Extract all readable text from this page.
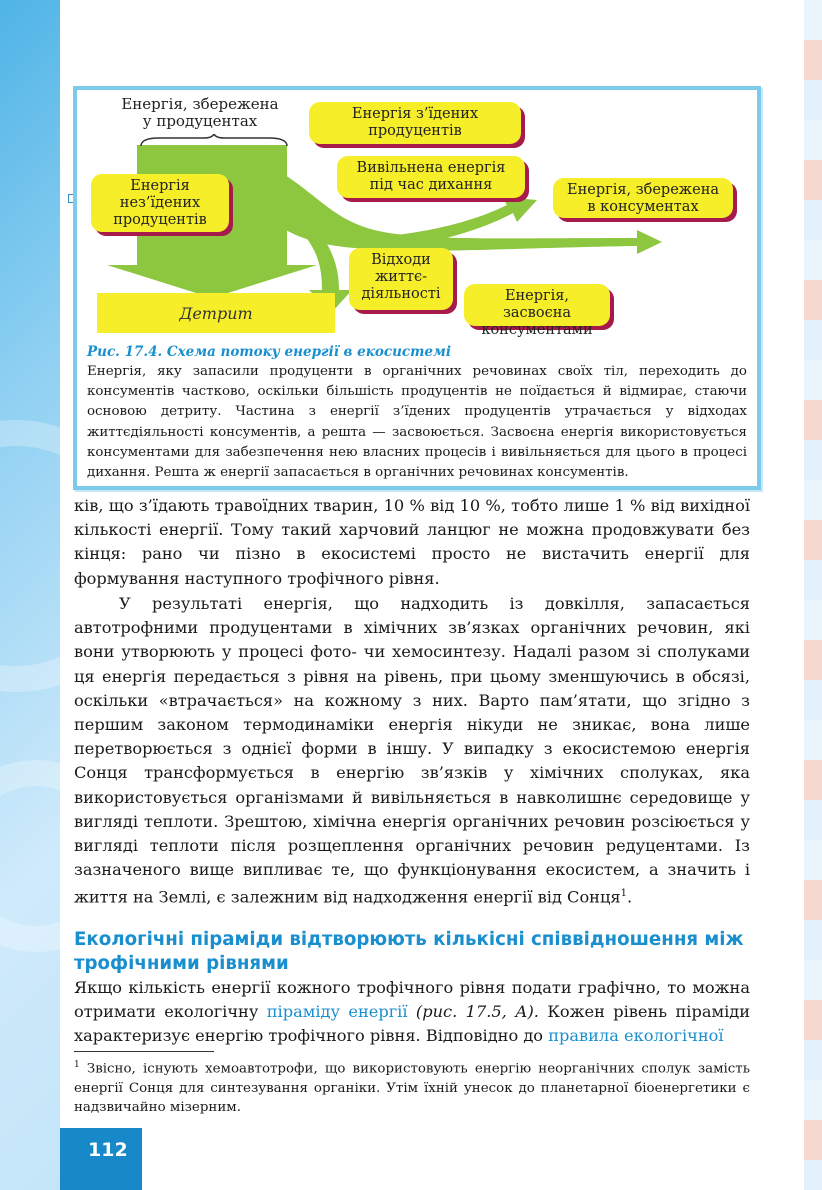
Енергія, збережена у продуцентах
Енергія нез’їдених продуцентів
Енергія з’їдених продуцентів
Вивільнена енергія під час дихання	Енергія, збережена в консументах
Відходи життє- діяльності	Енергія, засвоєна консументами
Детрит
Рис. 17.4. Схема потоку енергії в екосистемі
Енергія, яку запасили продуценти в органічних речовинах своїх тіл, переходить до консументів частково, оскільки більшість продуцентів не поїдається й відмирає, стаючи основою детриту. Частина з енергії з’їдених продуцентів утрачається у відходах життєдіяльності консументів, а решта — засвоюється. Засвоєна енергія використовується консументами для забезпечення нею власних процесів і вивільняється для цього в процесі дихання. Решта ж енергії запасається в органічних речовинах консументів.
ків, що з’їдають травоїдних тварин, 10 % від 10 %, тобто лише 1 % від вихідної кількості енергії. Тому такий харчовий ланцюг не можна продовжувати без кінця: рано чи пізно в екосистемі просто не вистачить енергії для формування наступного трофічного рівня.
У результаті енергія, що надходить із довкілля, запасається автотрофними продуцентами в хімічних зв’язках органічних речовин, які вони утворюють у процесі фото- чи хемосинтезу. Надалі разом зі сполуками ця енергія передається з рівня на рівень, при цьому зменшуючись в обсязі, оскільки «втрачається» на кожному з них. Варто пам’ятати, що згідно з першим законом термодинаміки енергія нікуди не зникає, вона лише перетворюється з однієї форми в іншу. У випадку з екосистемою енергія Сонця трансформується в енергію зв’язків у хімічних сполуках, яка використовується організмами й вивільняється в навколишнє середовище у вигляді теплоти. Зрештою, хімічна енергія органічних речовин розсіюється у вигляді теплоти після розщеплення органічних речовин редуцентами. Із зазначеного вище випливає те, що функціонування екосистем, а значить і життя на Землі, є залежним від надходження енергії від Сонця$^1$.
Екологічні піраміди відтворюють кількісні співвідношення між трофічними рівнями
Якщо кількість енергії кожного трофічного рівня подати графічно, то можна отримати екологічну піраміду енергії (рис. 17.5, А). Кожен рівень піраміди характеризує енергію трофічного рівня. Відповідно до правила екологічної
$^1$ Звісно, існують хемоавтотрофи, що використовують енергію неорганічних сполук замість енергії Сонця для синтезування органіки. Утім їхній унесок до планетарної біоенергетики є надзвичайно мізерним.
112
